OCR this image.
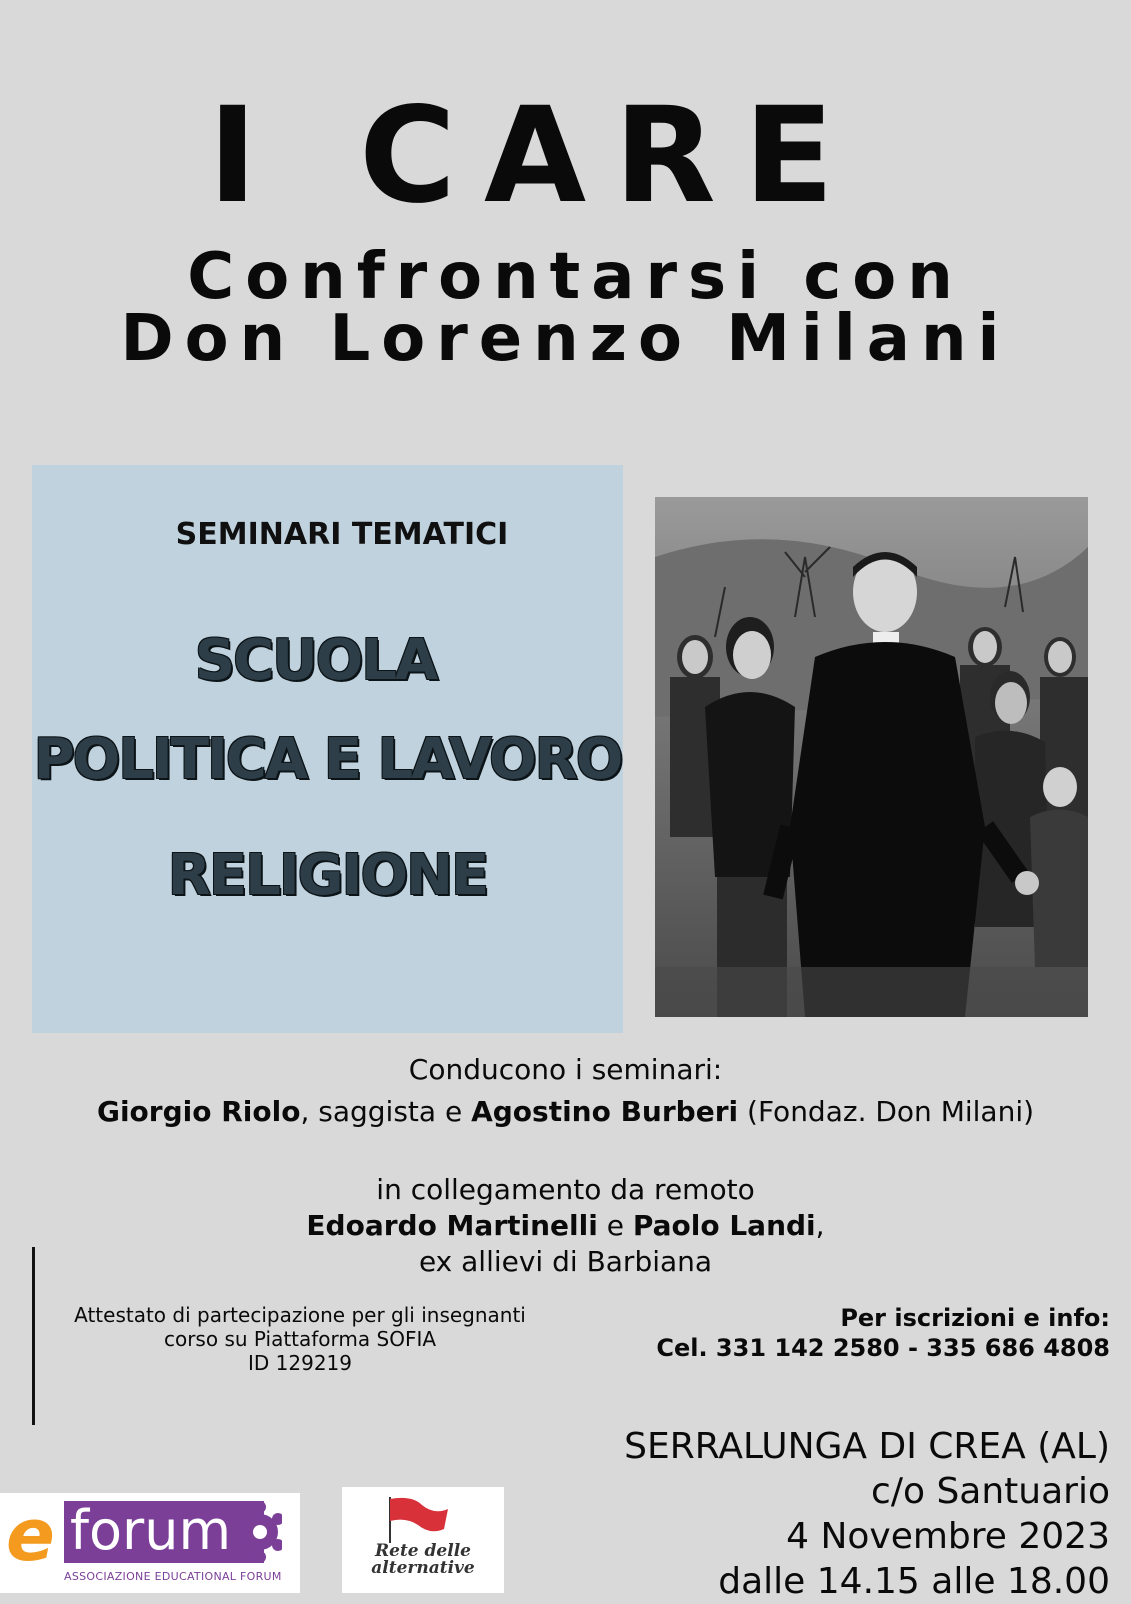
I CARE
Confrontarsi con
Don Lorenzo Milani
SEMINARI TEMATICI
SCUOLA
POLITICA E LAVORO
RELIGIONE
Conducono i seminari:
Giorgio Riolo, saggista e Agostino Burberi (Fondaz. Don Milani)
in collegamento da remoto
Edoardo Martinelli e Paolo Landi,
ex allievi di Barbiana
Attestato di partecipazione per gli insegnanti
corso su Piattaforma SOFIA
ID 129219
Per iscrizioni e info:
Cel. 331 142 2580 - 335 686 4808
SERRALUNGA DI CREA (AL)
c/o Santuario
4 Novembre 2023
dalle 14.15 alle 18.00
e forum
ASSOCIAZIONE EDUCATIONAL FORUM
Rete delle
alternative
